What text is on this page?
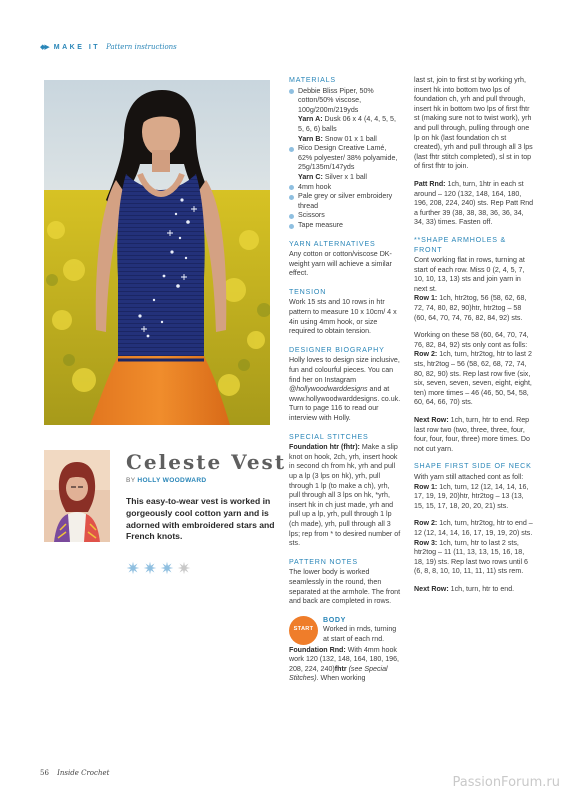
◆▶ MAKE IT Pattern instructions
Celeste Vest
BY HOLLY WOODWARD
This easy-to-wear vest is worked in gorgeously cool cotton yarn and is adorned with embroidered stars and French knots.
MATERIALS
Debbie Bliss Piper, 50% cotton/50% viscose, 100g/200m/219yds
Yarn A: Dusk 06 x 4 (4, 4, 5, 5, 5, 6, 6) balls
Yarn B: Snow 01 x 1 ball
Rico Design Creative Lamé, 62% polyester/ 38% polyamide, 25g/135m/147yds
Yarn C: Silver x 1 ball
4mm hook
Pale grey or silver embroidery thread
Scissors
Tape measure
YARN ALTERNATIVES
Any cotton or cotton/viscose DK-weight yarn will achieve a similar effect.
TENSION
Work 15 sts and 10 rows in htr pattern to measure 10 x 10cm/ 4 x 4in using 4mm hook, or size required to obtain tension.
DESIGNER BIOGRAPHY
Holly loves to design size inclusive, fun and colourful pieces. You can find her on Instagram @hollywoodwarddesigns and at www.hollywoodwarddesigns. co.uk. Turn to page 116 to read our interview with Holly.
SPECIAL STITCHES
Foundation htr (fhtr): Make a slip knot on hook, 2ch, yrh, insert hook in second ch from hk, yrh and pull up a lp (3 lps on hk), yrh, pull through 1 lp (to make a ch), yrh, pull through all 3 lps on hk, *yrh, insert hk in ch just made, yrh and pull up a lp, yrh, pull through 1 lp (ch made), yrh, pull through all 3 lps; rep from * to desired number of sts.
PATTERN NOTES
The lower body is worked seamlessly in the round, then separated at the armhole. The front and back are completed in rows.
START
BODY
Worked in rnds, turning at start of each rnd.
Foundation Rnd: With 4mm hook work 120 (132, 148, 164, 180, 196, 208, 224, 240)fhtr (see Special Stitches). When working
last st, join to first st by working yrh, insert hk into bottom two lps of foundation ch, yrh and pull through, insert hk in bottom two lps of first fhtr st (making sure not to twist work), yrh and pull through, pulling through one lp on hk (last foundation ch st created), yrh and pull through all 3 lps (last fhtr stitch completed), sl st in top of first fhtr to join.
Patt Rnd: 1ch, turn, 1htr in each st around – 120 (132, 148, 164, 180, 196, 208, 224, 240) sts. Rep Patt Rnd a further 39 (38, 38, 38, 36, 36, 34, 34, 33) times. Fasten off.
**SHAPE ARMHOLES & FRONT
Cont working flat in rows, turning at start of each row. Miss 0 (2, 4, 5, 7, 10, 10, 13, 13) sts and join yarn in next st.
Row 1: 1ch, htr2tog, 56 (58, 62, 68, 72, 74, 80, 82, 90)htr, htr2tog – 58 (60, 64, 70, 74, 76, 82, 84, 92) sts.
Working on these 58 (60, 64, 70, 74, 76, 82, 84, 92) sts only cont as folls:
Row 2: 1ch, turn, htr2tog, htr to last 2 sts, htr2tog – 56 (58, 62, 68, 72, 74, 80, 82, 90) sts. Rep last row five (six, six, seven, seven, seven, eight, eight, ten) more times – 46 (46, 50, 54, 58, 60, 64, 66, 70) sts.
Next Row: 1ch, turn, htr to end. Rep last row two (two, three, three, four, four, four, four, three) more times. Do not cut yarn.
SHAPE FIRST SIDE OF NECK
With yarn still attached cont as foll:
Row 1: 1ch, turn, 12 (12, 14, 14, 16, 17, 19, 19, 20)htr, htr2tog – 13 (13, 15, 15, 17, 18, 20, 20, 21) sts.
Row 2: 1ch, turn, htr2tog, htr to end – 12 (12, 14, 14, 16, 17, 19, 19, 20) sts.
Row 3: 1ch, turn, htr to last 2 sts, htr2tog – 11 (11, 13, 13, 15, 16, 18, 18, 19) sts. Rep last two rows until 6 (6, 8, 8, 10, 10, 11, 11, 11) sts rem.
Next Row: 1ch, turn, htr to end.
56 Inside Crochet
PassionForum.ru
